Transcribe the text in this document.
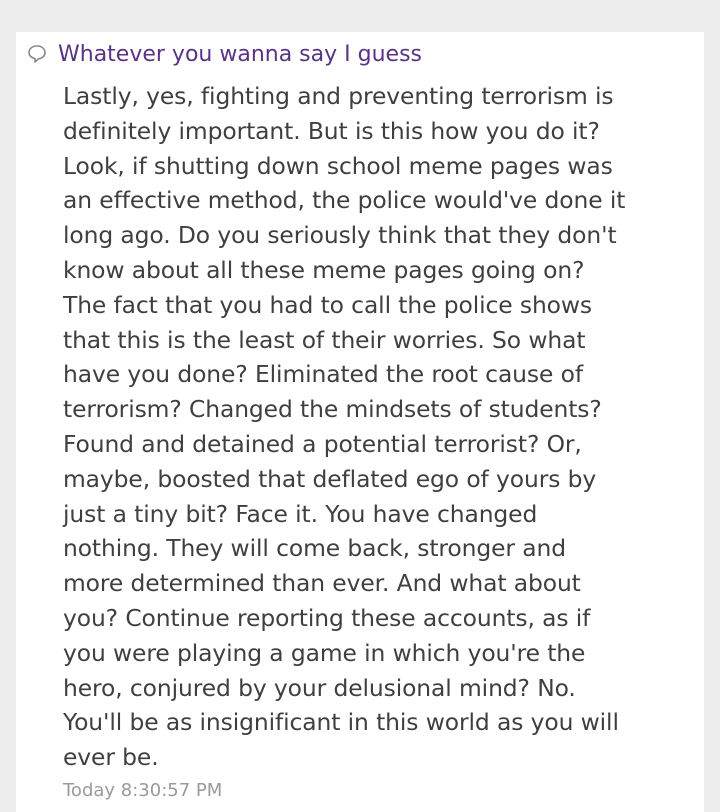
Whatever you wanna say I guess
Lastly, yes, fighting and preventing terrorism is
definitely important. But is this how you do it?
Look, if shutting down school meme pages was
an effective method, the police would've done it
long ago. Do you seriously think that they don't
know about all these meme pages going on?
The fact that you had to call the police shows
that this is the least of their worries. So what
have you done? Eliminated the root cause of
terrorism? Changed the mindsets of students?
Found and detained a potential terrorist? Or,
maybe, boosted that deflated ego of yours by
just a tiny bit? Face it. You have changed
nothing. They will come back, stronger and
more determined than ever. And what about
you? Continue reporting these accounts, as if
you were playing a game in which you're the
hero, conjured by your delusional mind? No.
You'll be as insignificant in this world as you will
ever be.
Today 8:30:57 PM
